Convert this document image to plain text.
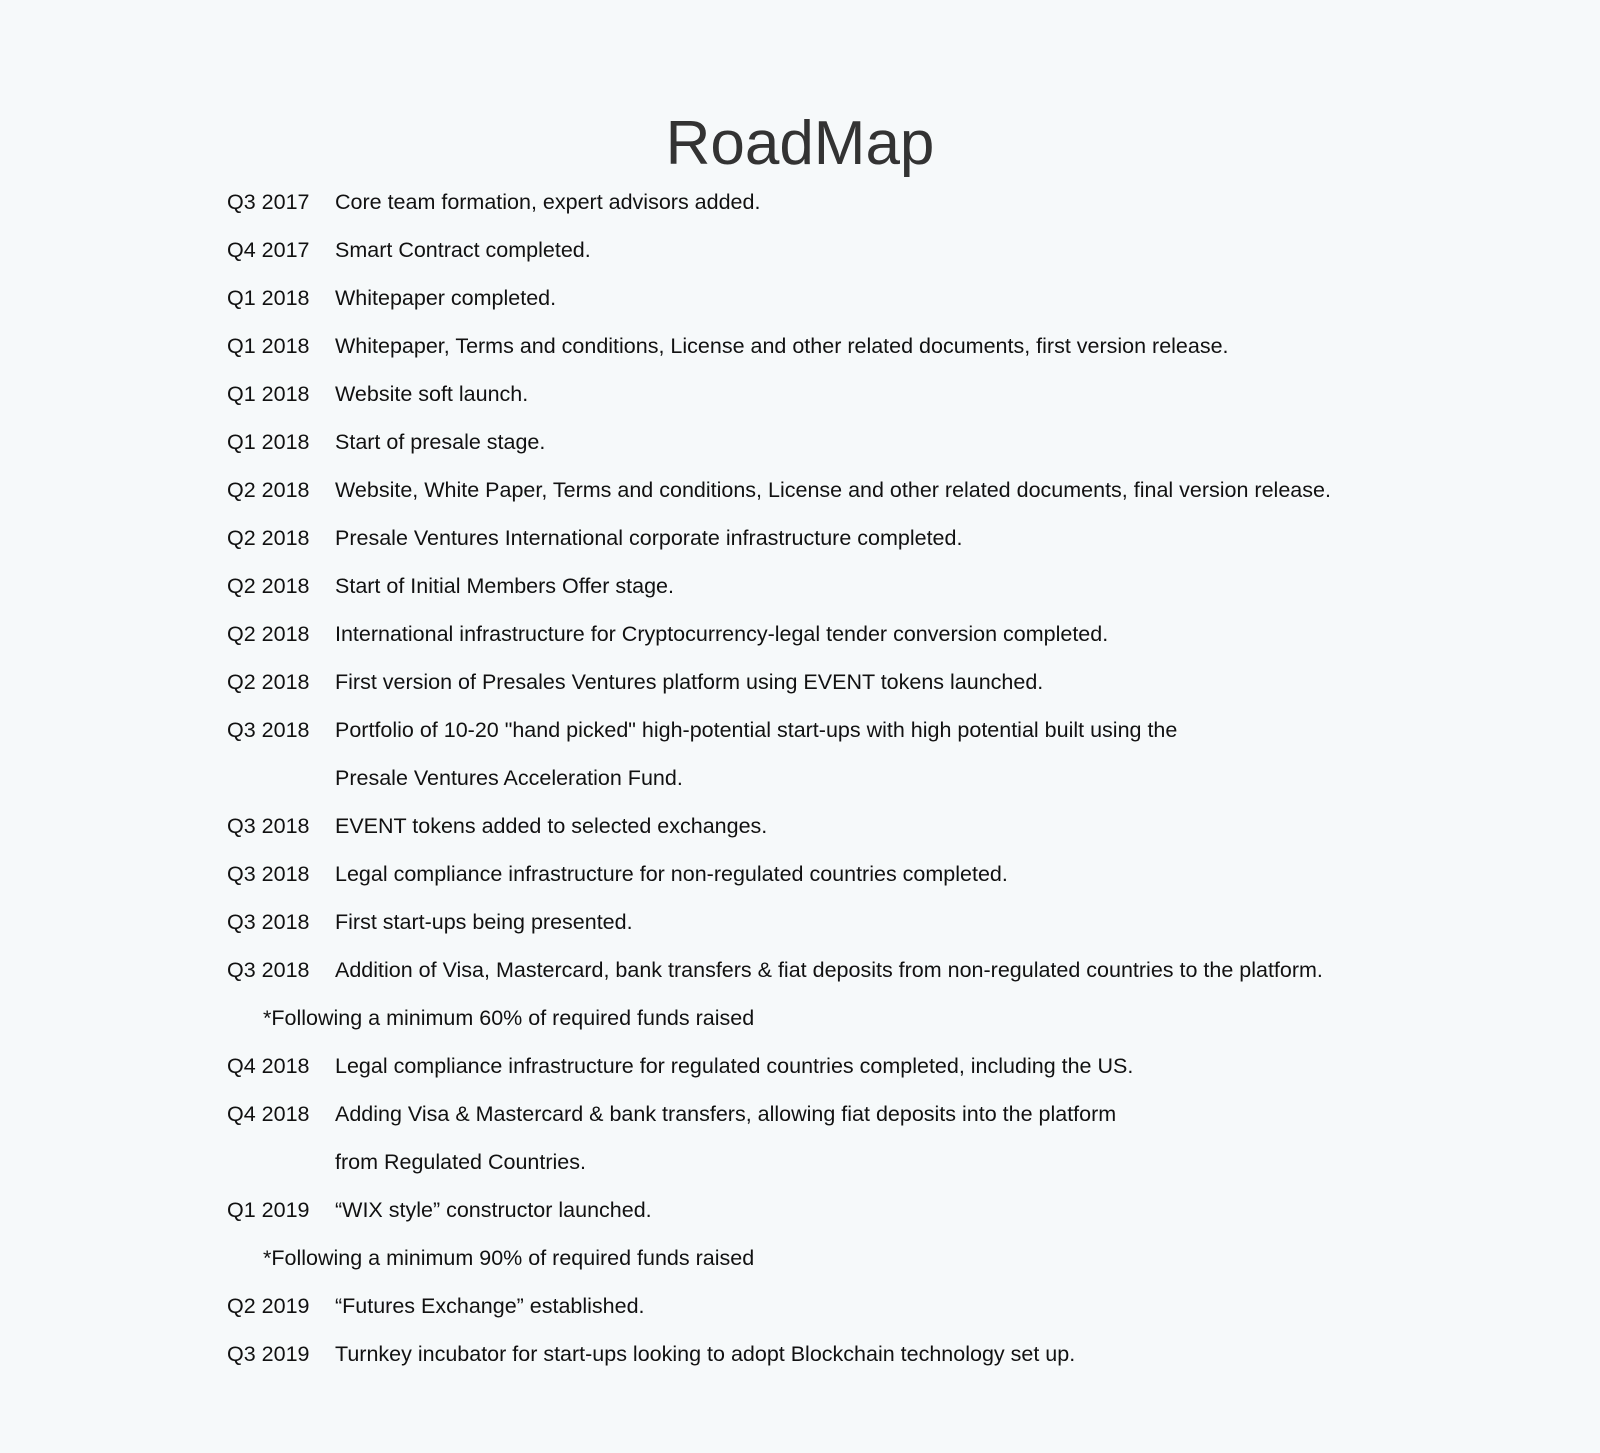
RoadMap
Q3 2017	Core team formation, expert advisors added.
Q4 2017	Smart Contract completed.
Q1 2018	Whitepaper completed.
Q1 2018	Whitepaper, Terms and conditions, License and other related documents, first version release.
Q1 2018	Website soft launch.
Q1 2018	Start of presale stage.
Q2 2018	Website, White Paper, Terms and conditions, License and other related documents, final version release.
Q2 2018	Presale Ventures International corporate infrastructure completed.
Q2 2018	Start of Initial Members Offer stage.
Q2 2018	International infrastructure for Cryptocurrency-legal tender conversion completed.
Q2 2018	First version of Presales Ventures platform using EVENT tokens launched.
Q3 2018	Portfolio of 10-20 "hand picked" high-potential start-ups with high potential built using the
Presale Ventures Acceleration Fund.
Q3 2018	EVENT tokens added to selected exchanges.
Q3 2018	Legal compliance infrastructure for non-regulated countries completed.
Q3 2018	First start-ups being presented.
Q3 2018	Addition of Visa, Mastercard, bank transfers & fiat deposits from non-regulated countries to the platform.
*Following a minimum 60% of required funds raised
Q4 2018	Legal compliance infrastructure for regulated countries completed, including the US.
Q4 2018	Adding Visa & Mastercard & bank transfers, allowing fiat deposits into the platform
from Regulated Countries.
Q1 2019	“WIX style” constructor launched.
*Following a minimum 90% of required funds raised
Q2 2019	“Futures Exchange” established.
Q3 2019	Turnkey incubator for start-ups looking to adopt Blockchain technology set up.
